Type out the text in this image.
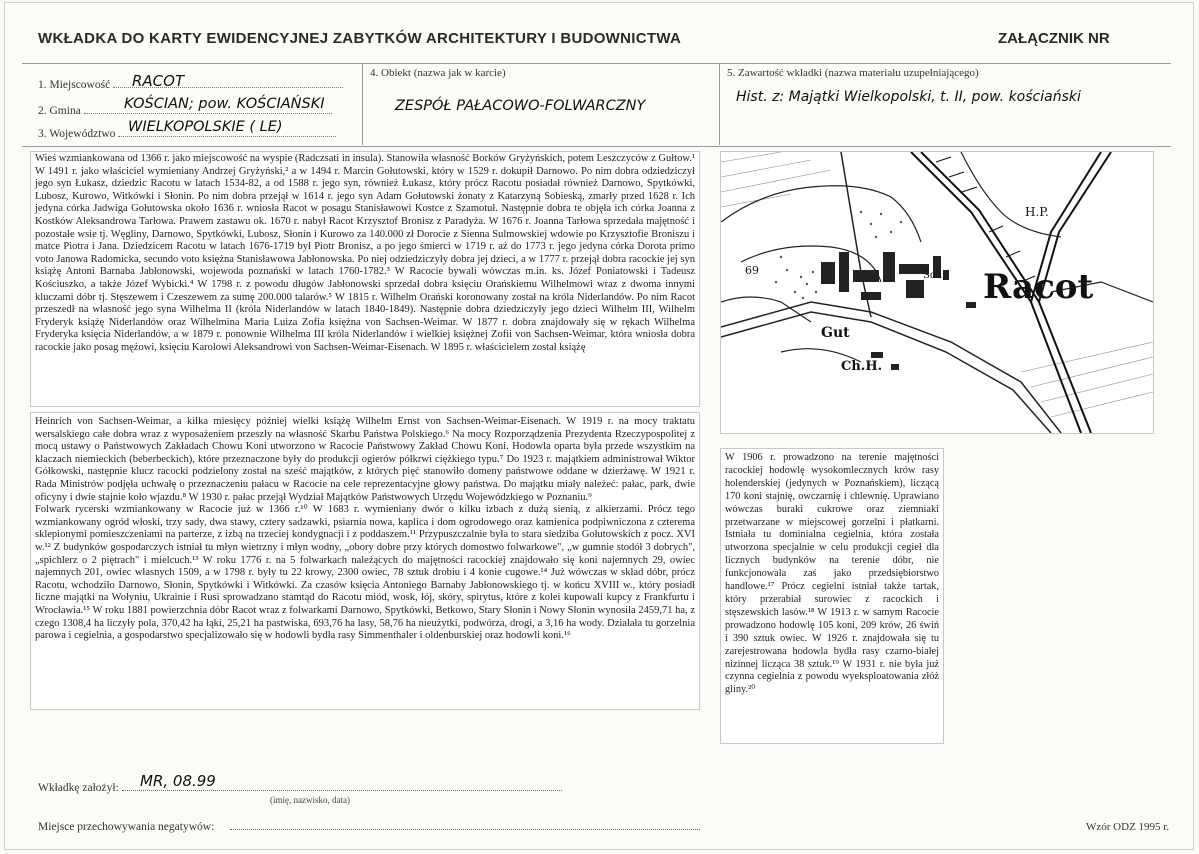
WKŁADKA DO KARTY EWIDENCYJNEJ ZABYTKÓW ARCHITEKTURY I BUDOWNICTWA	ZAŁĄCZNIK NR
1. Miejscowość	RACOT
2. Gmina	KOŚCIAN; pow. KOŚCIAŃSKI
3. Województwo WIELKOPOLSKIE ( LE)
4. Obiekt (nazwa jak w karcie)
ZESPÓŁ PAŁACOWO-FOLWARCZNY
5. Zawartość wkładki (nazwa materiału uzupełniającego)
Hist. z: Majątki Wielkopolski, t. II, pow. kościański
Wieś wzmiankowana od 1366 r. jako miejscowość na wyspie (Radczsati in insula). Stanowiła własność Borków Gryżyńskich, potem Leszczyców z Gułtow.¹ W 1491 r. jako właściciel wymieniany Andrzej Gryżyński,² a w 1494 r. Marcin Gołutowski, który w 1529 r. dokupił Darnowo. Po nim dobra odziedziczył jego syn Łukasz, dziedzic Racotu w latach 1534-82, a od 1588 r. jego syn, również Łukasz, który prócz Racotu posiadał również Darnowo, Spytkówki, Lubosz, Kurowo, Witkówki i Słonin. Po nim dobra przejął w 1614 r. jego syn Adam Gołutowski żonaty z Katarzyną Sobieską, zmarły przed 1628 r. Ich jedyna córka Jadwiga Gołutowska około 1636 r. wniosła Racot w posagu Stanisławowi Kostce z Szamotuł. Następnie dobra te objęła ich córka Joanna z Kostków Aleksandrowa Tarłowa. Prawem zastawu ok. 1670 r. nabył Racot Krzysztof Bronisz z Paradyża. W 1676 r. Joanna Tarłowa sprzedała majętność i pozostałe wsie tj. Węgliny, Darnowo, Spytkówki, Lubosz, Słonin i Kurowo za 140.000 zł Dorocie z Sienna Sulmowskiej wdowie po Krzysztofie Broniszu i matce Piotra i Jana. Dziedzicem Racotu w latach 1676-1719 był Piotr Bronisz, a po jego śmierci w 1719 r. aż do 1773 r. jego jedyna córka Dorota primo voto Janowa Radomicka, secundo voto księżna Stanisławowa Jabłonowska. Po niej odziedziczyły dobra jej dzieci, a w 1777 r. przejął dobra racockie jej syn książę Antoni Barnaba Jabłonowski, wojewoda poznański w latach 1760-1782.³ W Racocie bywali wówczas m.in. ks. Józef Poniatowski i Tadeusz Kościuszko, a także Józef Wybicki.⁴ W 1798 r. z powodu długów Jabłonowski sprzedał dobra księciu Orańskiemu Wilhelmowi wraz z dwoma innymi kluczami dóbr tj. Stęszewem i Czeszewem za sumę 200.000 talarów.⁵ W 1815 r. Wilhelm Orański koronowany został na króla Niderlandów. Po nim Racot przeszedł na własność jego syna Wilhelma II (króla Niderlandów w latach 1840-1849). Następnie dobra dziedziczyły jego dzieci Wilhelm III, Wilhelm Fryderyk książę Niderlandów oraz Wilhelmina Maria Luiza Zofia księżna von Sachsen-Weimar. W 1877 r. dobra znajdowały się w rękach Wilhelma Fryderyka księcia Niderlandów, a w 1879 r. ponownie Wilhelma III króla Niderlandów i wielkiej księżnej Zofii von Sachsen-Weimar, która wniosła dobra racockie jako posag mężowi, księciu Karolowi Aleksandrowi von Sachsen-Weimar-Eisenach. W 1895 r. właścicielem został książę
Heinrich von Sachsen-Weimar, a kilka miesięcy później wielki książę Wilhelm Ernst von Sachsen-Weimar-Eisenach. W 1919 r. na mocy traktatu wersalskiego całe dobra wraz z wyposażeniem przeszły na własność Skarbu Państwa Polskiego.⁶ Na mocy Rozporządzenia Prezydenta Rzeczypospolitej z mocą ustawy o Państwowych Zakładach Chowu Koni utworzono w Racocie Państwowy Zakład Chowu Koni. Hodowla oparta była przede wszystkim na klaczach niemieckich (beberbeckich), które przeznaczone były do produkcji ogierów półkrwi ciężkiego typu.⁷ Do 1923 r. majątkiem administrował Wiktor Gółkowski, następnie klucz racocki podzielony został na sześć majątków, z których pięć stanowiło domeny państwowe oddane w dzierżawę. W 1921 r. Rada Ministrów podjęła uchwałę o przeznaczeniu pałacu w Racocie na cele reprezentacyjne głowy państwa. Do majątku miały należeć: pałac, park, dwie oficyny i dwie stajnie koło wjazdu.⁸ W 1930 r. pałac przejął Wydział Majątków Państwowych Urzędu Wojewódzkiego w Poznaniu.⁹
Folwark rycerski wzmiankowany w Racocie już w 1366 r.¹⁰ W 1683 r. wymieniany dwór o kilku izbach z dużą sienią, z alkierzami. Prócz tego wzmiankowany ogród włoski, trzy sady, dwa stawy, cztery sadzawki, psiarnia nowa, kaplica i dom ogrodowego oraz kamienica podpiwniczona z czterema sklepionymi pomieszczeniami na parterze, z izbą na trzeciej kondygnacji i z poddaszem.¹¹ Przypuszczalnie była to stara siedziba Gołutowskich z pocz. XVI w.¹² Z budynków gospodarczych istniał tu młyn wietrzny i młyn wodny, „obory dobre przy których domostwo folwarkowe", „w gumnie stodół 3 dobrych", „spichlerz o 2 piętrach" i mielcuch.¹³ W roku 1776 r. na 5 folwarkach należących do majętności racockiej znajdowało się koni najemnych 29, owiec najemnych 201, owiec własnych 1509, a w 1798 r. były tu 22 krowy, 2300 owiec, 78 sztuk drobiu i 4 konie cugowe.¹⁴ Już wówczas w skład dóbr, prócz Racotu, wchodziło Darnowo, Słonin, Spytkówki i Witkówki. Za czasów księcia Antoniego Barnaby Jabłonowskiego tj. w końcu XVIII w., który posiadł liczne majątki na Wołyniu, Ukrainie i Rusi sprowadzano stamtąd do Racotu miód, wosk, łój, skóry, spirytus, które z kolei kupowali kupcy z Frankfurtu i Wrocławia.¹⁵ W roku 1881 powierzchnia dóbr Racot wraz z folwarkami Darnowo, Spytkówki, Betkowo, Stary Słonin i Nowy Słonin wynosiła 2459,71 ha, z czego 1308,4 ha liczyły pola, 370,42 ha łąki, 25,21 ha pastwiska, 693,76 ha lasy, 58,76 ha nieużytki, podwórza, drogi, a 3,16 ha wody. Działała tu gorzelnia parowa i cegielnia, a gospodarstwo specjalizowało się w hodowli bydła rasy Simmenthaler i oldenburskiej oraz hodowli koni.¹⁶
Racot
H.P.
Gut
Ch.H.
69	Sch
W 1906 r. prowadzono na terenie majętności racockiej hodowlę wysokomlecznych krów rasy holenderskiej (jedynych w Poznańskiem), liczącą 170 koni stajnię, owczarnię i chlewnię. Uprawiano wówczas buraki cukrowe oraz ziemniaki przetwarzane w miejscowej gorzelni i płatkarni. Istniała tu dominialna cegielnia, która została utworzona specjalnie w celu produkcji cegieł dla licznych budynków na terenie dóbr, nie funkcjonowała zaś jako przedsiębiorstwo handlowe.¹⁷ Prócz cegielni istniał także tartak, który przerabiał surowiec z racockich i stęszewskich lasów.¹⁸ W 1913 r. w samym Racocie prowadzono hodowlę 105 koni, 209 krów, 26 świń i 390 sztuk owiec. W 1926 r. znajdowała się tu zarejestrowana hodowla bydła rasy czarno-białej nizinnej licząca 38 sztuk.¹⁹ W 1931 r. nie była już czynna cegielnia z powodu wyeksploatowania złóż gliny.²⁰
Wkładkę założył: MR, 08.99
(imię, nazwisko, data)
Miejsce przechowywania negatywów:	Wzór ODZ 1995 r.
